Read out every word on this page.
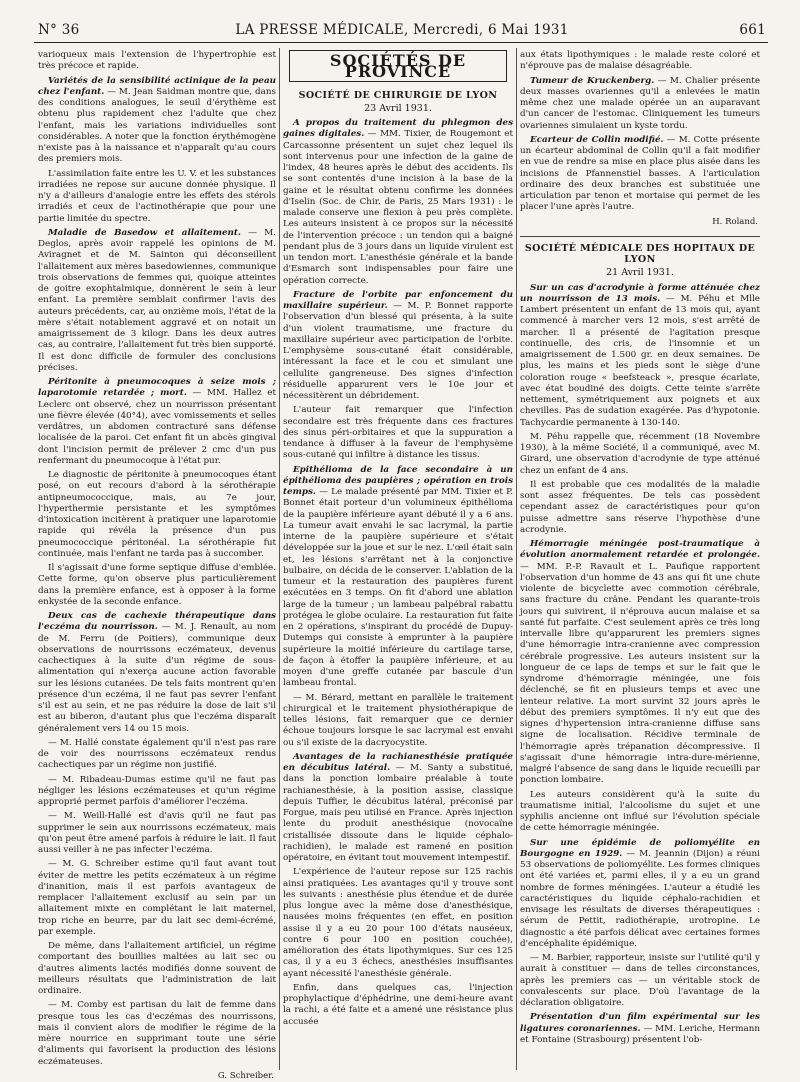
N° 36	LA PRESSE MÉDICALE, Mercredi, 6 Mai 1931	661

varioqueux mais l'extension de l'hypertrophie est très précoce et rapide.

Variétés de la sensibilité actinique de la peau chez l'enfant. — M. Jean Saidman montre que, dans des conditions analogues, le seuil d'érythème est obtenu plus rapidement chez l'adulte que chez l'enfant, mais les variations individuelles sont considérables. A noter que la fonction érythémogène n'existe pas à la naissance et n'apparaît qu'au cours des premiers mois.

L'assimilation faite entre les U. V. et les substances irradiées ne repose sur aucune donnée physique. Il n'y a d'ailleurs d'analogie entre les effets des stérols irradiés et ceux de l'actinothérapie que pour une partie limitée du spectre.

Maladie de Basedow et allaitement. — M. Deglos, après avoir rappelé les opinions de M. Aviragnet et de M. Sainton qui déconseillent l'allaitement aux mères basedowiennes, communique trois observations de femmes qui, quoique atteintes de goitre exophtalmique, donnèrent le sein à leur enfant. La première semblait confirmer l'avis des auteurs précédents, car, au onzième mois, l'état de la mère s'était notablement aggravé et on notait un amaigrissement de 3 kilogr. Dans les deux autres cas, au contraire, l'allaitement fut très bien supporté. Il est donc difficile de formuler des conclusions précises.

Péritonite à pneumocoques à seize mois ; laparotomie retardée ; mort. — MM. Hallez et Leclerc ont observé, chez un nourrisson présentant une fièvre élevée (40°4), avec vomissements et selles verdâtres, un abdomen contracturé sans défense localisée de la paroi. Cet enfant fit un abcès gingival dont l'incision permit de prélever 2 cmc d'un pus renfermant du pneumocoque à l'état pur.

Le diagnostic de péritonite à pneumocoques étant posé, on eut recours d'abord à la sérothérapie antipneumococcique, mais, au 7e jour, l'hyperthermie persistante et les symptômes d'intoxication incitèrent à pratiquer une laparotomie rapide qui révéla la présence d'un pus pneumococcique péritonéal. La sérothérapie fut continuée, mais l'enfant ne tarda pas à succomber.

Il s'agissait d'une forme septique diffuse d'emblée. Cette forme, qu'on observe plus particulièrement dans la première enfance, est à opposer à la forme enkystée de la seconde enfance.

Deux cas de cachexie thérapeutique dans l'eczéma du nourrisson. — M. J. Renault, au nom de M. Ferru (de Poitiers), communique deux observations de nourrissons eczémateux, devenus cachectiques à la suite d'un régime de sous-alimentation qui n'exerça aucune action favorable sur les lésions cutanées. De tels faits montrent qu'en présence d'un eczéma, il ne faut pas sevrer l'enfant s'il est au sein, et ne pas réduire la dose de lait s'il est au biberon, d'autant plus que l'eczéma disparaît généralement vers 14 ou 15 mois.

— M. Hallé constate également qu'il n'est pas rare de voir des nourrissons eczémateux rendus cachectiques par un régime non justifié.

— M. Ribadeau-Dumas estime qu'il ne faut pas négliger les lésions eczémateuses et qu'un régime approprié permet parfois d'améliorer l'eczéma.

— M. Weill-Hallé est d'avis qu'il ne faut pas supprimer le sein aux nourrissons eczémateux, mais qu'on peut être amené parfois à réduire le lait. Il faut aussi veiller à ne pas infecter l'eczéma.

— M. G. Schreiber estime qu'il faut avant tout éviter de mettre les petits eczémateux à un régime d'inanition, mais il est parfois avantageux de remplacer l'allaitement exclusif au sein par un allaitement mixte en complétant le lait maternel, trop riche en beurre, par du lait sec demi-écrémé, par exemple.

De même, dans l'allaitement artificiel, un régime comportant des bouillies maltées au lait sec ou d'autres aliments lactés modifiés donne souvent de meilleurs résultats que l'administration de lait ordinaire.

— M. Comby est partisan du lait de femme dans presque tous les cas d'eczémas des nourrissons, mais il convient alors de modifier le régime de la mère nourrice en supprimant toute une série d'aliments qui favorisent la production des lésions eczémateuses.

G. Schreiber.
SOCIÉTÉS DE PROVINCE
SOCIÉTÉ DE CHIRURGIE DE LYON
23 Avril 1931.

A propos du traitement du phlegmon des gaines digitales. — MM. Tixier, de Rougemont et Carcassonne présentent un sujet chez lequel ils sont intervenus pour une infection de la gaine de l'index, 48 heures après le début des accidents. Ils se sont contentés d'une incision à la base de la gaine et le résultat obtenu confirme les données d'Iselin (Soc. de Chir. de Paris, 25 Mars 1931) : le malade conserve une flexion à peu près complète. Les auteurs insistent à ce propos sur la nécessité de l'intervention précoce : un tendon qui a baigné pendant plus de 3 jours dans un liquide virulent est un tendon mort. L'anesthésie générale et la bande d'Esmarch sont indispensables pour faire une opération correcte.

Fracture de l'orbite par enfoncement du maxillaire supérieur. — M. P. Bonnet rapporte l'observation d'un blessé qui présenta, à la suite d'un violent traumatisme, une fracture du maxillaire supérieur avec participation de l'orbite. L'emphysème sous-cutané était considérable, intéressant la face et le cou et simulant une cellulite gangreneuse. Des signes d'infection résiduelle apparurent vers le 10e jour et nécessitèrent un débridement.

L'auteur fait remarquer que l'infection secondaire est très fréquente dans ces fractures des sinus péri-orbitaires et que la suppuration a tendance à diffuser à la faveur de l'emphysème sous-cutané qui infiltre à distance les tissus.

Epithélioma de la face secondaire à un épithélioma des paupières ; opération en trois temps. — Le malade présenté par MM. Tixier et P. Bonnet était porteur d'un volumineux épithélioma de la paupière inférieure ayant débuté il y a 6 ans. La tumeur avait envahi le sac lacrymal, la partie interne de la paupière supérieure et s'était développée sur la joue et sur le nez. L'œil était sain et, les lésions s'arrêtant net à la conjonctive bulbaire, on décida de le conserver. L'ablation de la tumeur et la restauration des paupières furent exécutées en 3 temps. On fit d'abord une ablation large de la tumeur ; un lambeau palpébral rabattu protégea le globe oculaire. La restauration fut faite en 2 opérations, s'inspirant du procédé de Dupuy-Dutemps qui consiste à emprunter à la paupière supérieure la moitié inférieure du cartilage tarse, de façon à étoffer la paupière inférieure, et au moyen d'une greffe cutanée par bascule d'un lambeau frontal.

— M. Bérard, mettant en parallèle le traitement chirurgical et le traitement physiothérapique de telles lésions, fait remarquer que ce dernier échoue toujours lorsque le sac lacrymal est envahi ou s'il existe de la dacryocystite.

Avantages de la rachianesthésie pratiquée en décubitus latéral. — M. Santy a substitué, dans la ponction lombaire préalable à toute rachianesthésie, à la position assise, classique depuis Tuffier, le décubitus latéral, préconisé par Forgue, mais peu utilisé en France. Après injection lente du produit anesthésique (novocaïne cristallisée dissoute dans le liquide céphalo-rachidien), le malade est ramené en position opératoire, en évitant tout mouvement intempestif.

L'expérience de l'auteur repose sur 125 rachis ainsi pratiquées. Les avantages qu'il y trouve sont les suivants : anesthésie plus étendue et de durée plus longue avec la même dose d'anesthésique, nausées moins fréquentes (en effet, en position assise il y a eu 20 pour 100 d'états nauséeux, contre 6 pour 100 en position couchée), amélioration des états lipothymiques. Sur ces 125 cas, il y a eu 3 échecs, anesthésies insuffisantes ayant nécessité l'anesthésie générale.

Enfin, dans quelques cas, l'injection prophylactique d'éphédrine, une demi-heure avant la rachi, a été faite et a amené une résistance plus accusée

aux états lipothymiques : le malade reste coloré et n'éprouve pas de malaise désagréable.

Tumeur de Kruckenberg. — M. Chalier présente deux masses ovariennes qu'il a enlevées le matin même chez une malade opérée un an auparavant d'un cancer de l'estomac. Cliniquement les tumeurs ovariennes simulaient un kyste tordu.

Ecarteur de Collin modifié. — M. Cotte présente un écarteur abdominal de Collin qu'il a fait modifier en vue de rendre sa mise en place plus aisée dans les incisions de Pfannenstiel basses. A l'articulation ordinaire des deux branches est substituée une articulation par tenon et mortaise qui permet de les placer l'une après l'autre.

H. Roland.
SOCIÉTÉ MÉDICALE DES HOPITAUX DE LYON
21 Avril 1931.

Sur un cas d'acrodynie à forme atténuée chez un nourrisson de 13 mois. — M. Péhu et Mlle Lambert présentent un enfant de 13 mois qui, ayant commencé à marcher vers 12 mois, s'est arrêté de marcher. Il a présenté de l'agitation presque continuelle, des cris, de l'insomnie et un amaigrissement de 1.500 gr. en deux semaines. De plus, les mains et les pieds sont le siège d'une coloration rouge « beefsteack », presque écarlate, avec état boudiné des doigts. Cette teinte s'arrête nettement, symétriquement aux poignets et aux chevilles. Pas de sudation exagérée. Pas d'hypotonie. Tachycardie permanente à 130-140.

M. Péhu rappelle que, récemment (18 Novembre 1930), à la même Société, il a communiqué, avec M. Girard, une observation d'acrodynie de type atténué chez un enfant de 4 ans.

Il est probable que ces modalités de la maladie sont assez fréquentes. De tels cas possèdent cependant assez de caractéristiques pour qu'on puisse admettre sans réserve l'hypothèse d'une acrodynie.

Hémorragie méningée post-traumatique à évolution anormalement retardée et prolongée. — MM. P.-P. Ravault et L. Paufique rapportent l'observation d'un homme de 43 ans qui fit une chute violente de bicyclette avec commotion cérébrale, sans fracture du crâne. Pendant les quarante-trois jours qui suivirent, il n'éprouva aucun malaise et sa santé fut parfaite. C'est seulement après ce très long intervalle libre qu'apparurent les premiers signes d'une hémorragie intra-cranienne avec compression cérébrale progressive. Les auteurs insistent sur la longueur de ce laps de temps et sur le fait que le syndrome d'hémorragie méningée, une fois déclenché, se fit en plusieurs temps et avec une lenteur relative. La mort survint 32 jours après le début des premiers symptômes. Il n'y eut que des signes d'hypertension intra-cranienne diffuse sans signe de localisation. Récidive terminale de l'hémorragie après trépanation décompressive. Il s'agissait d'une hémorragie intra-dure-mérienne, malgré l'absence de sang dans le liquide recueilli par ponction lombaire.

Les auteurs considèrent qu'à la suite du traumatisme initial, l'alcoolisme du sujet et une syphilis ancienne ont influé sur l'évolution spéciale de cette hémorragie méningée.

Sur une épidémie de poliomyélite en Bourgogne en 1929. — M. Jeannin (Dijon) a réuni 53 observations de poliomyélite. Les formes cliniques ont été variées et, parmi elles, il y a eu un grand nombre de formes méningées. L'auteur a étudié les caractéristiques du liquide céphalo-rachidien et envisage les résultats de diverses thérapeutiques : sérum de Pettit, radiothérapie, urotropine. Le diagnostic a été parfois délicat avec certaines formes d'encéphalite épidémique.

— M. Barbier, rapporteur, insiste sur l'utilité qu'il y aurait à constituer — dans de telles circonstances, après les premiers cas — un véritable stock de convalescents sur place. D'où l'avantage de la déclaration obligatoire.

Présentation d'un film expérimental sur les ligatures coronariennes. — MM. Leriche, Hermann et Fontaine (Strasbourg) présentent l'ob-
